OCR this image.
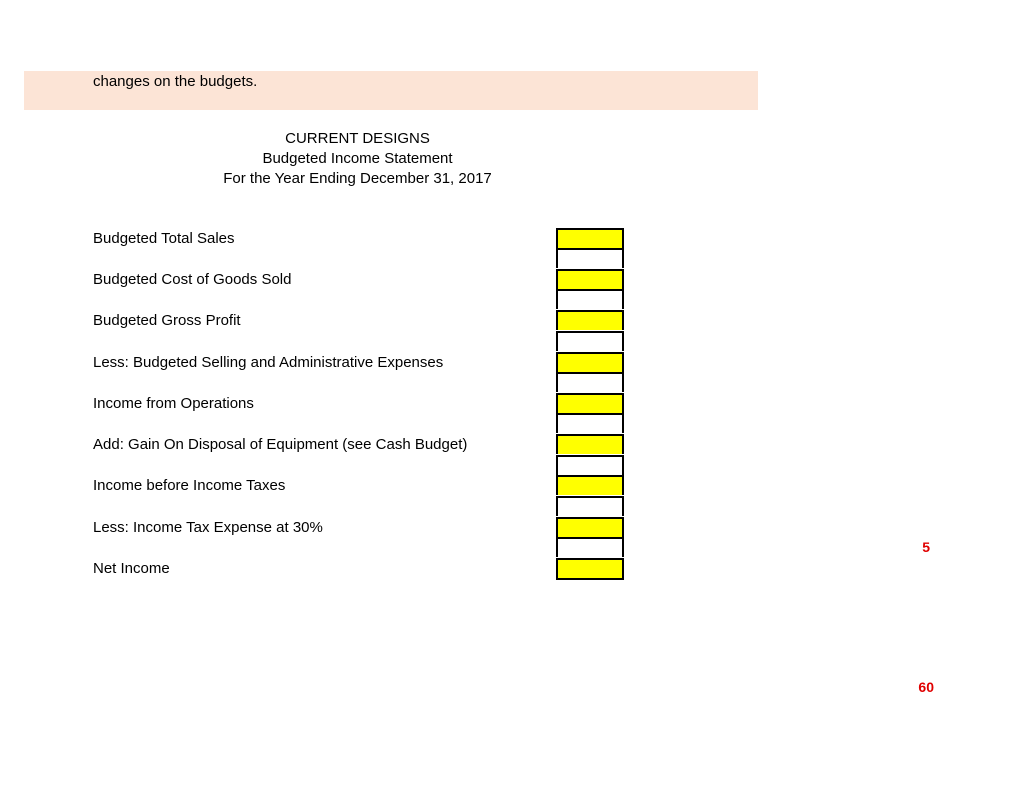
changes on the budgets.
CURRENT DESIGNS
Budgeted Income Statement
For the Year Ending December 31, 2017
Budgeted Total Sales
Budgeted Cost of Goods Sold
Budgeted Gross Profit
Less: Budgeted Selling and Administrative Expenses
Income from Operations
Add: Gain On Disposal of Equipment (see Cash Budget)
Income before Income Taxes
Less: Income Tax Expense at 30%
Net Income
5
60
